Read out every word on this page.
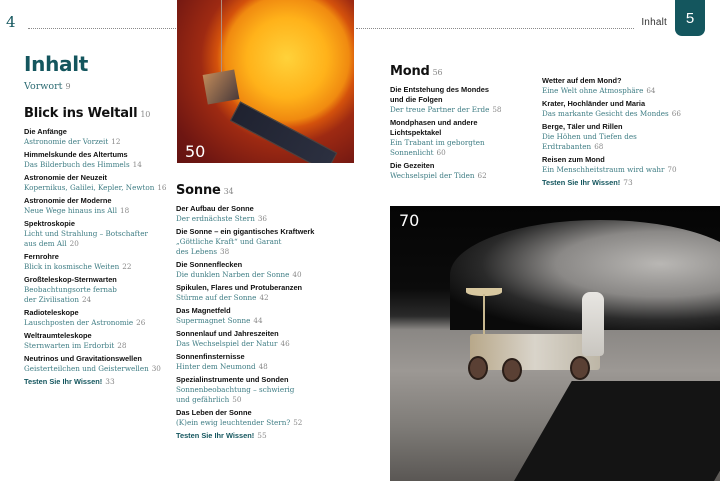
4	Inhalt	5
Inhalt
Vorwort 9
Blick ins Weltall 10
Die Anfänge
Astronomie der Vorzeit 12
Himmelskunde des Altertums
Das Bilderbuch des Himmels 14
Astronomie der Neuzeit
Kopernikus, Galilei, Kepler, Newton 16
Astronomie der Moderne
Neue Wege hinaus ins All 18
Spektroskopie
Licht und Strahlung – Botschafter
aus dem All 20
Fernrohre
Blick in kosmische Weiten 22
Großteleskop-Sternwarten
Beobachtungsorte fernab
der Zivilisation 24
Radioteleskope
Lauschposten der Astronomie 26
Weltraumteleskope
Sternwarten im Erdorbit 28
Neutrinos und Gravitationswellen
Geisterteilchen und Geisterwellen 30
Testen Sie Ihr Wissen! 33
50
Sonne 34
Der Aufbau der Sonne
Der erdnächste Stern 36
Die Sonne – ein gigantisches Kraftwerk
„Göttliche Kraft“ und Garant
des Lebens 38
Die Sonnenflecken
Die dunklen Narben der Sonne 40
Spikulen, Flares und Protuberanzen
Stürme auf der Sonne 42
Das Magnetfeld
Supermagnet Sonne 44
Sonnenlauf und Jahreszeiten
Das Wechselspiel der Natur 46
Sonnenfinsternisse
Hinter dem Neumond 48
Spezialinstrumente und Sonden
Sonnenbeobachtung – schwierig
und gefährlich 50
Das Leben der Sonne
(K)ein ewig leuchtender Stern? 52
Testen Sie Ihr Wissen! 55
Mond 56
Die Entstehung des Mondes
und die Folgen
Der treue Partner der Erde 58
Mondphasen und andere
Lichtspektakel
Ein Trabant im geborgten
Sonnenlicht 60
Die Gezeiten
Wechselspiel der Tiden 62
Wetter auf dem Mond?
Eine Welt ohne Atmosphäre 64
Krater, Hochländer und Maria
Das markante Gesicht des Mondes 66
Berge, Täler und Rillen
Die Höhen und Tiefen des
Erdtrabanten 68
Reisen zum Mond
Ein Menschheitstraum wird wahr 70
Testen Sie Ihr Wissen! 73
70
